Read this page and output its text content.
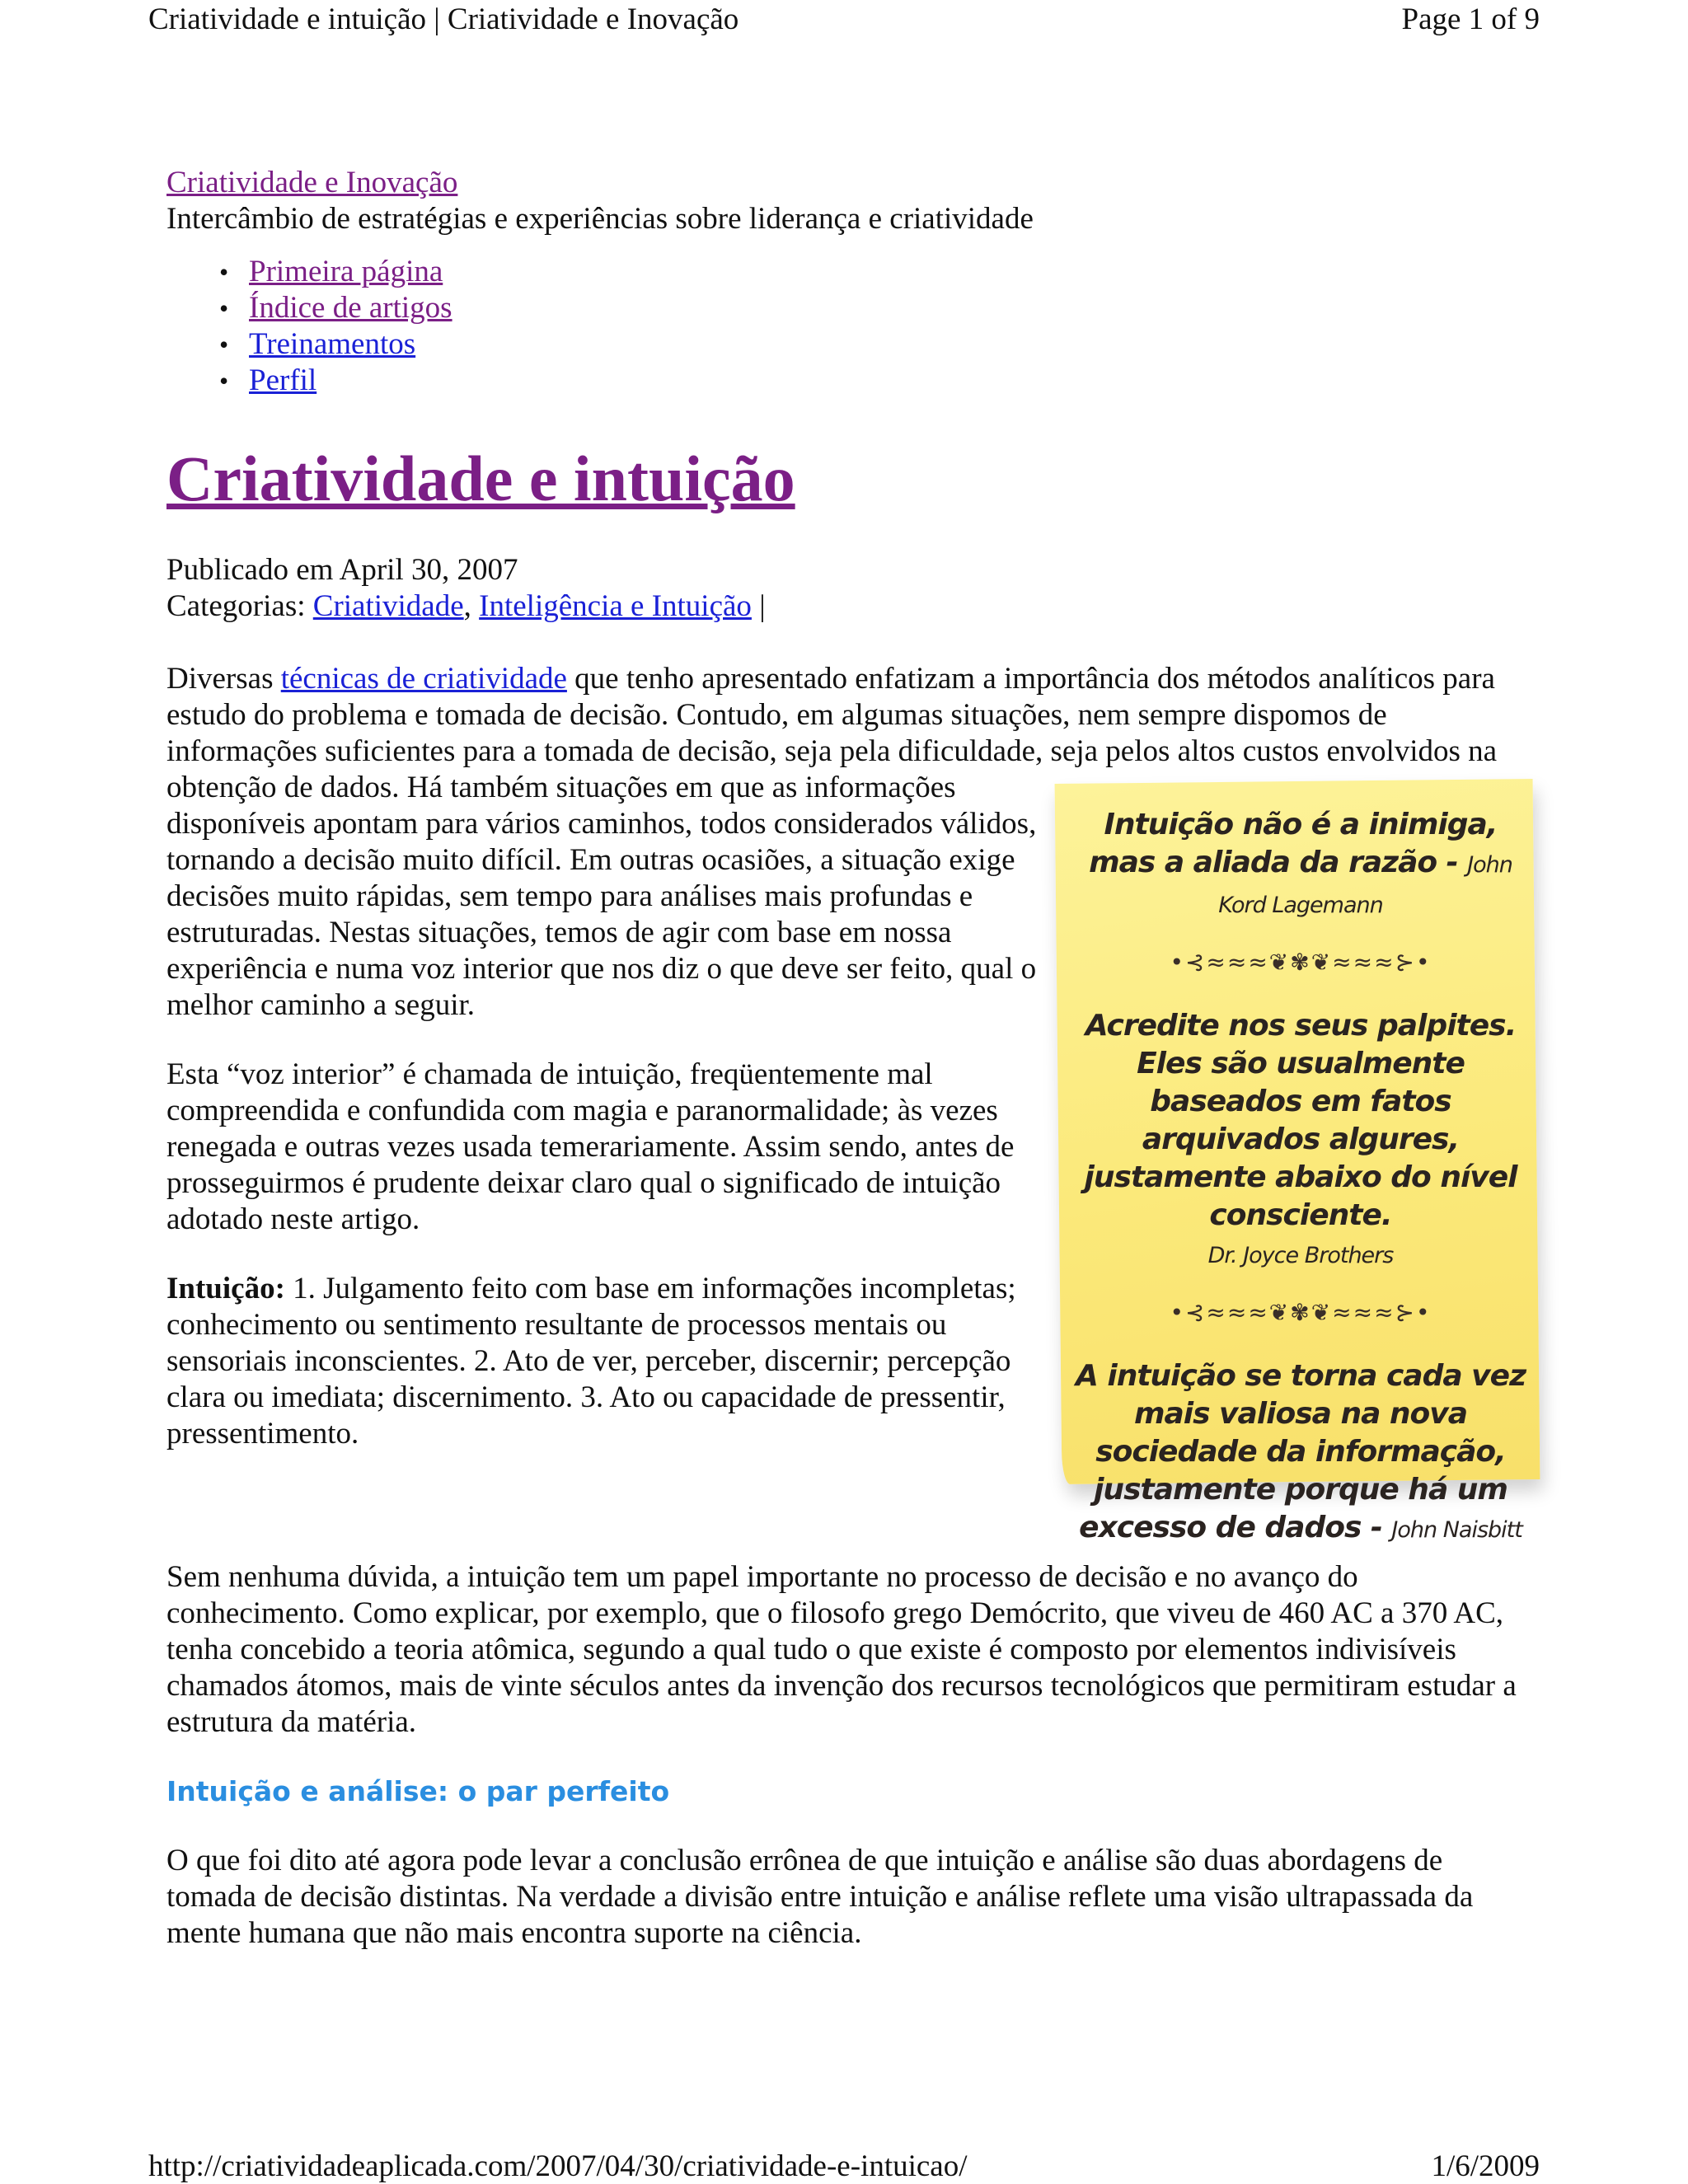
Criatividade e intuição | Criatividade e Inovação	Page 1 of 9
Criatividade e Inovação
Intercâmbio de estratégias e experiências sobre liderança e criatividade
• Primeira página
• Índice de artigos
• Treinamentos
• Perfil
Criatividade e intuição
Publicado em April 30, 2007
Categorias: Criatividade, Inteligência e Intuição |

Diversas técnicas de criatividade que tenho apresentado enfatizam a importância dos métodos analíticos para estudo do problema e tomada de decisão. Contudo, em algumas situações, nem sempre dispomos de informações suficientes para a tomada de decisão, seja pela dificuldade, seja pelos altos custos envolvidos na obtenção de dados.
Intuição não é a inimiga, mas a aliada da razão - John Kord Lagemann
•⊰≈≈≈❦✾❦≈≈≈⊱•
Acredite nos seus palpites. Eles são usualmente baseados em fatos arquivados algures, justamente abaixo do nível consciente.
Dr. Joyce Brothers
•⊰≈≈≈❦✾❦≈≈≈⊱•
A intuição se torna cada vez mais valiosa na nova sociedade da informação, justamente porque há um excesso de dados - John Naisbitt
Há também situações em que as informações disponíveis apontam para vários caminhos, todos considerados válidos, tornando a decisão muito difícil. Em outras ocasiões, a situação exige decisões muito rápidas, sem tempo para análises mais profundas e estruturadas. Nestas situações, temos de agir com base em nossa experiência e numa voz interior que nos diz o que deve ser feito, qual o melhor caminho a seguir.

Esta “voz interior” é chamada de intuição, freqüentemente mal compreendida e confundida com magia e paranormalidade; às vezes renegada e outras vezes usada temerariamente. Assim sendo, antes de prosseguirmos é prudente deixar claro qual o significado de intuição adotado neste artigo.

Intuição: 1. Julgamento feito com base em informações incompletas; conhecimento ou sentimento resultante de processos mentais ou sensoriais inconscientes. 2. Ato de ver, perceber, discernir; percepção clara ou imediata; discernimento. 3. Ato ou capacidade de pressentir, pressentimento.

Sem nenhuma dúvida, a intuição tem um papel importante no processo de decisão e no avanço do conhecimento. Como explicar, por exemplo, que o filosofo grego Demócrito, que viveu de 460 AC a 370 AC, tenha concebido a teoria atômica, segundo a qual tudo o que existe é composto por elementos indivisíveis chamados átomos, mais de vinte séculos antes da invenção dos recursos tecnológicos que permitiram estudar a estrutura da matéria.

Intuição e análise: o par perfeito

O que foi dito até agora pode levar a conclusão errônea de que intuição e análise são duas abordagens de tomada de decisão distintas. Na verdade a divisão entre intuição e análise reflete uma visão ultrapassada da mente humana que não mais encontra suporte na ciência.

http://criatividadeaplicada.com/2007/04/30/criatividade-e-intuicao/	1/6/2009
